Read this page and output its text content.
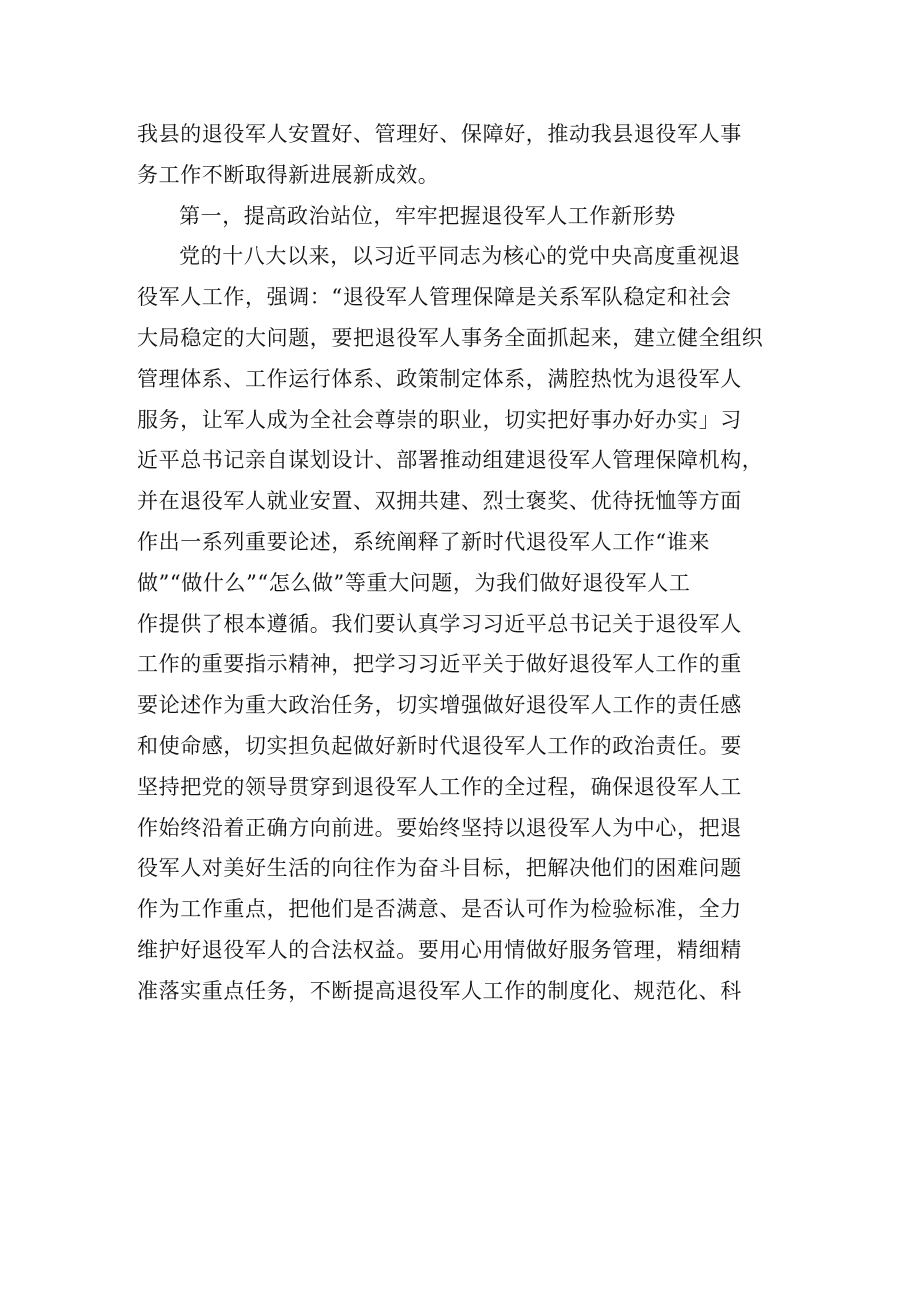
我县的退役军人安置好、管理好、保障好，推动我县退役军人事
务工作不断取得新进展新成效。
第一，提高政治站位，牢牢把握退役军人工作新形势
党的十八大以来，以习近平同志为核心的党中央高度重视退
役军人工作，强调：“退役军人管理保障是关系军队稳定和社会
大局稳定的大问题，要把退役军人事务全面抓起来，建立健全组织
管理体系、工作运行体系、政策制定体系，满腔热忱为退役军人
服务，让军人成为全社会尊崇的职业，切实把好事办好办实」习
近平总书记亲自谋划设计、部署推动组建退役军人管理保障机构，
并在退役军人就业安置、双拥共建、烈士褒奖、优待抚恤等方面
作出一系列重要论述，系统阐释了新时代退役军人工作“谁来
做”“做什么”“怎么做”等重大问题，为我们做好退役军人工
作提供了根本遵循。我们要认真学习习近平总书记关于退役军人
工作的重要指示精神，把学习习近平关于做好退役军人工作的重
要论述作为重大政治任务，切实增强做好退役军人工作的责任感
和使命感，切实担负起做好新时代退役军人工作的政治责任。要
坚持把党的领导贯穿到退役军人工作的全过程，确保退役军人工
作始终沿着正确方向前进。要始终坚持以退役军人为中心，把退
役军人对美好生活的向往作为奋斗目标，把解决他们的困难问题
作为工作重点，把他们是否满意、是否认可作为检验标准，全力
维护好退役军人的合法权益。要用心用情做好服务管理，精细精
准落实重点任务，不断提高退役军人工作的制度化、规范化、科
